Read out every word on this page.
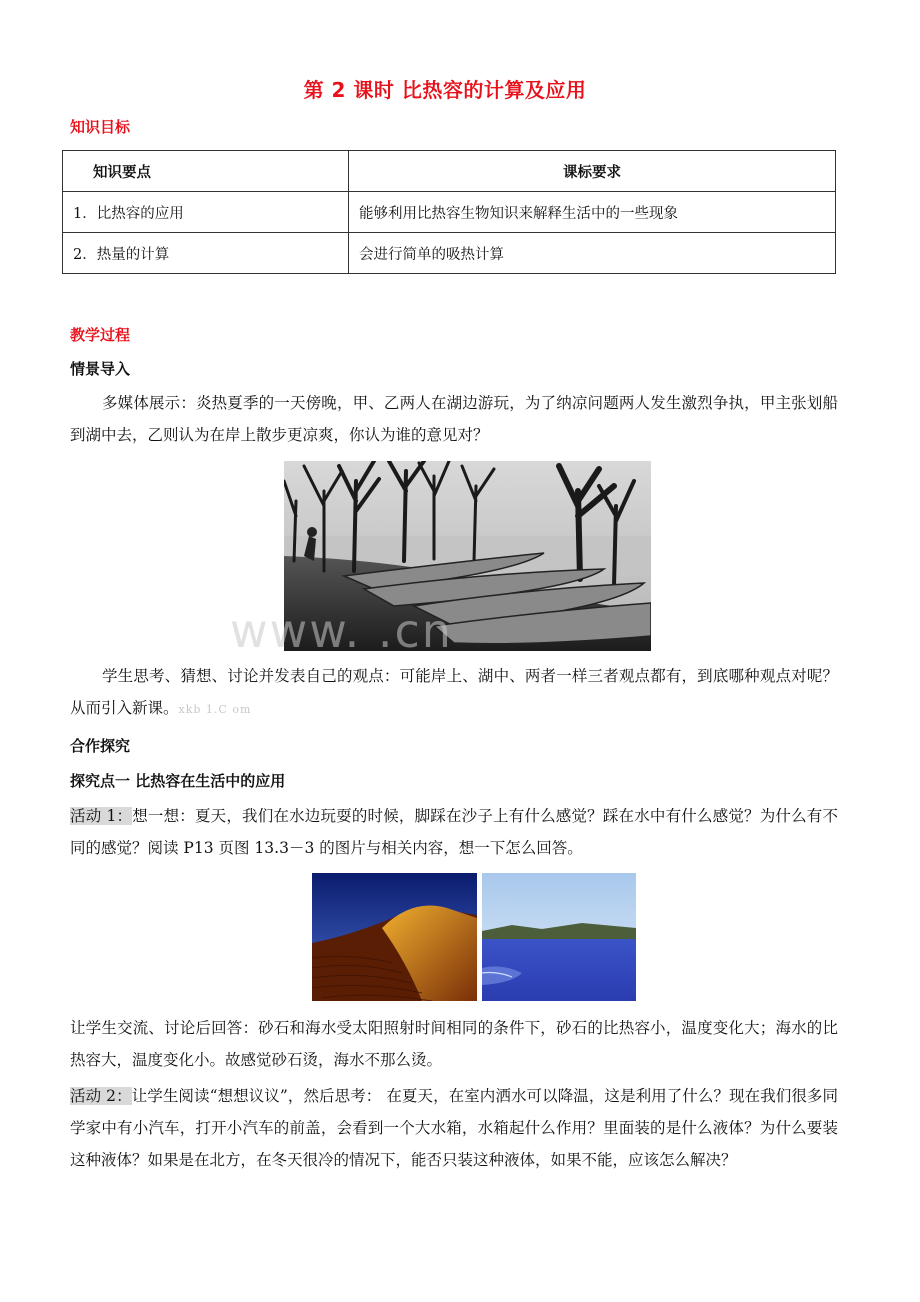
第 2 课时 比热容的计算及应用
知识目标
知识要点	课标要求
1．比热容的应用	能够利用比热容生物知识来解释生活中的一些现象
2．热量的计算	会进行简单的吸热计算
教学过程
情景导入
多媒体展示：炎热夏季的一天傍晚，甲、乙两人在湖边游玩，为了纳凉问题两人发生激烈争执，甲主张划船到湖中去，乙则认为在岸上散步更凉爽，你认为谁的意见对？
www. .cn
学生思考、猜想、讨论并发表自己的观点：可能岸上、湖中、两者一样三者观点都有，到底哪种观点对呢？从而引入新课。xkb 1.C om
合作探究
探究点一 比热容在生活中的应用
活动 1：想一想：夏天，我们在水边玩耍的时候，脚踩在沙子上有什么感觉？踩在水中有什么感觉？为什么有不同的感觉？阅读 P13 页图 13.3－3 的图片与相关内容，想一下怎么回答。
让学生交流、讨论后回答：砂石和海水受太阳照射时间相同的条件下，砂石的比热容小，温度变化大；海水的比热容大，温度变化小。故感觉砂石烫，海水不那么烫。
活动 2：让学生阅读“想想议议”，然后思考： 在夏天，在室内洒水可以降温，这是利用了什么？现在我们很多同学家中有小汽车，打开小汽车的前盖，会看到一个大水箱，水箱起什么作用？里面装的是什么液体？为什么要装这种液体？如果是在北方，在冬天很冷的情况下，能否只装这种液体，如果不能，应该怎么解决？
